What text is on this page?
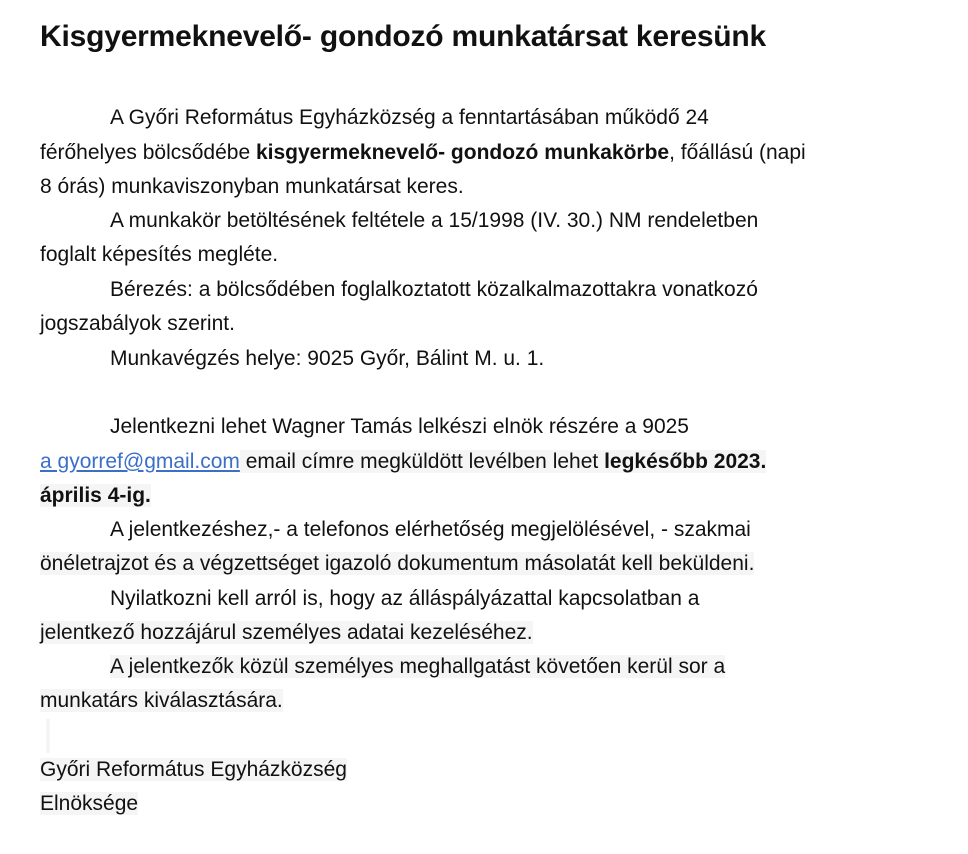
Kisgyermeknevelő- gondozó munkatársat keresünk
A Győri Református Egyházközség a fenntartásában működő 24
férőhelyes bölcsődébe kisgyermeknevelő- gondozó munkakörbe, főállású (napi
8 órás) munkaviszonyban munkatársat keres.
A munkakör betöltésének feltétele a 15/1998 (IV. 30.) NM rendeletben
foglalt képesítés megléte.
Bérezés: a bölcsődében foglalkoztatott közalkalmazottakra vonatkozó
jogszabályok szerint.
Munkavégzés helye: 9025 Győr, Bálint M. u. 1.
Jelentkezni lehet Wagner Tamás lelkészi elnök részére a 9025
a gyorref@gmail.com email címre megküldött levélben lehet legkésőbb 2023.
április 4-ig.
A jelentkezéshez,- a telefonos elérhetőség megjelölésével, - szakmai
önéletrajzot és a végzettséget igazoló dokumentum másolatát kell beküldeni.
Nyilatkozni kell arról is, hogy az álláspályázattal kapcsolatban a
jelentkező hozzájárul személyes adatai kezeléséhez.
A jelentkezők közül személyes meghallgatást követően kerül sor a
munkatárs kiválasztására.
Győri Református Egyházközség
Elnöksége
